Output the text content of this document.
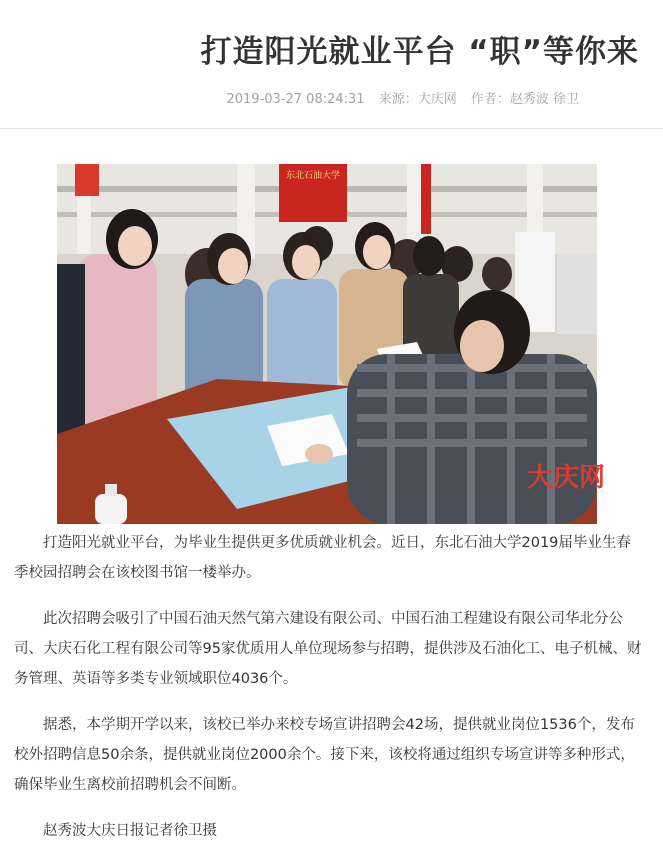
打造阳光就业平台 “职”等你来
2019-03-27 08:24:31 来源：大庆网 作者：赵秀波 徐卫
东北石油大学
大庆网

打造阳光就业平台，为毕业生提供更多优质就业机会。近日，东北石油大学2019届毕业生春季校园招聘会在该校图书馆一楼举办。

此次招聘会吸引了中国石油天然气第六建设有限公司、中国石油工程建设有限公司华北分公司、大庆石化工程有限公司等95家优质用人单位现场参与招聘，提供涉及石油化工、电子机械、财务管理、英语等多类专业领域职位4036个。

据悉，本学期开学以来，该校已举办来校专场宣讲招聘会42场，提供就业岗位1536个，发布校外招聘信息50余条，提供就业岗位2000余个。接下来，该校将通过组织专场宣讲等多种形式，确保毕业生离校前招聘机会不间断。

赵秀波大庆日报记者徐卫摄
